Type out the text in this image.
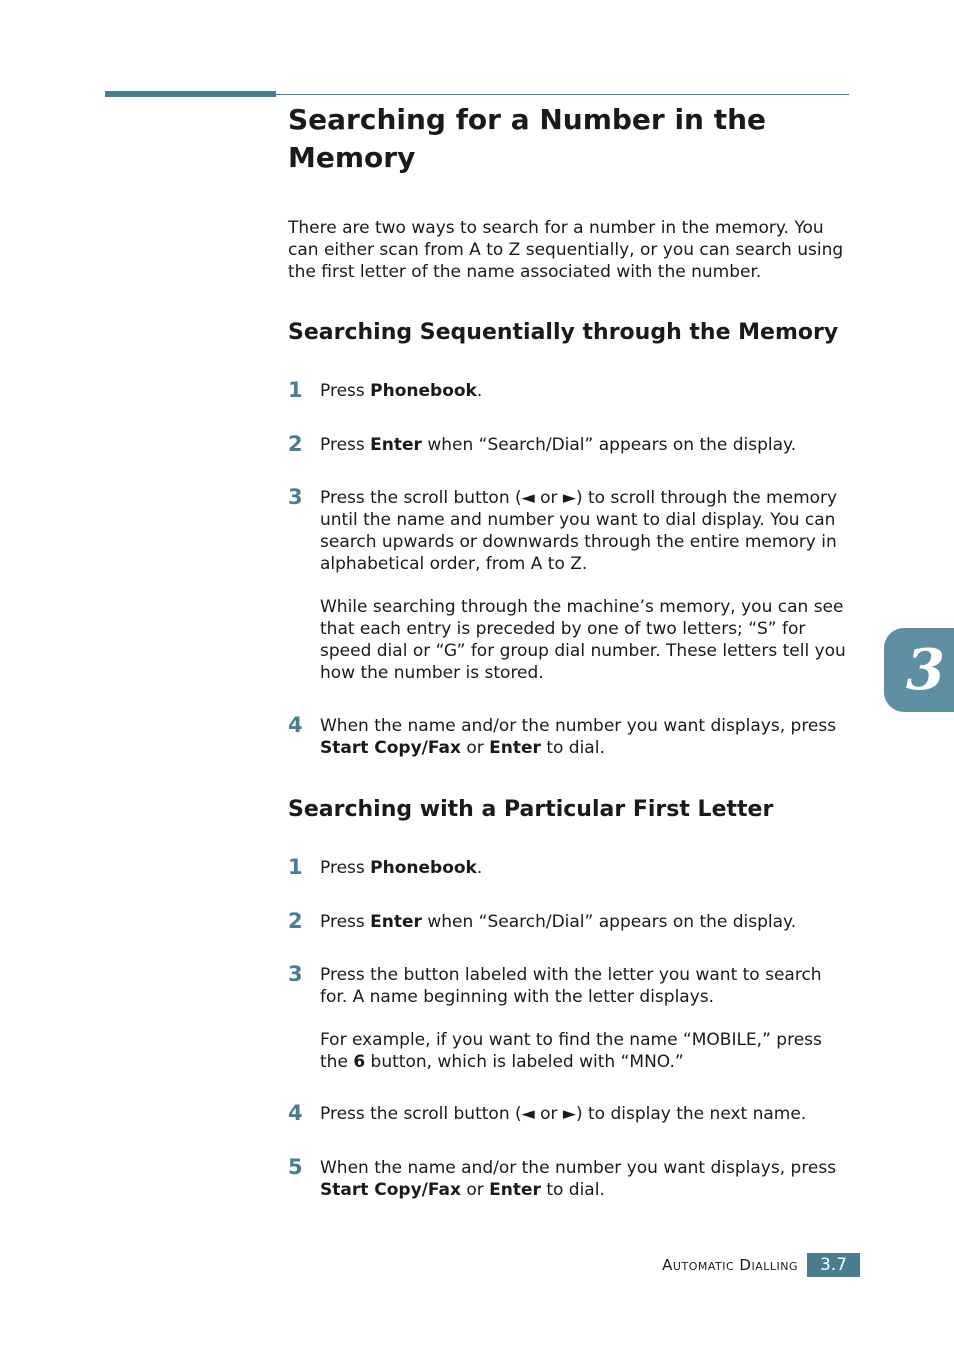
Searching for a Number in the Memory

There are two ways to search for a number in the memory. You can either scan from A to Z sequentially, or you can search using the first letter of the name associated with the number.

Searching Sequentially through the Memory
1 Press Phonebook.

2 Press Enter when “Search/Dial” appears on the display.

3 Press the scroll button (◄ or ►) to scroll through the memory until the name and number you want to dial display. You can search upwards or downwards through the entire memory in alphabetical order, from A to Z.

While searching through the machine’s memory, you can see that each entry is preceded by one of two letters; “S” for speed dial or “G” for group dial number. These letters tell you how the number is stored.

4 When the name and/or the number you want displays, press Start Copy/Fax or Enter to dial.

Searching with a Particular First Letter
1 Press Phonebook.

2 Press Enter when “Search/Dial” appears on the display.

3 Press the button labeled with the letter you want to search for. A name beginning with the letter displays.

For example, if you want to find the name “MOBILE,” press the 6 button, which is labeled with “MNO.”

4 Press the scroll button (◄ or ►) to display the next name.

5 When the name and/or the number you want displays, press Start Copy/Fax or Enter to dial.

3
Automatic Dialling	3.7
